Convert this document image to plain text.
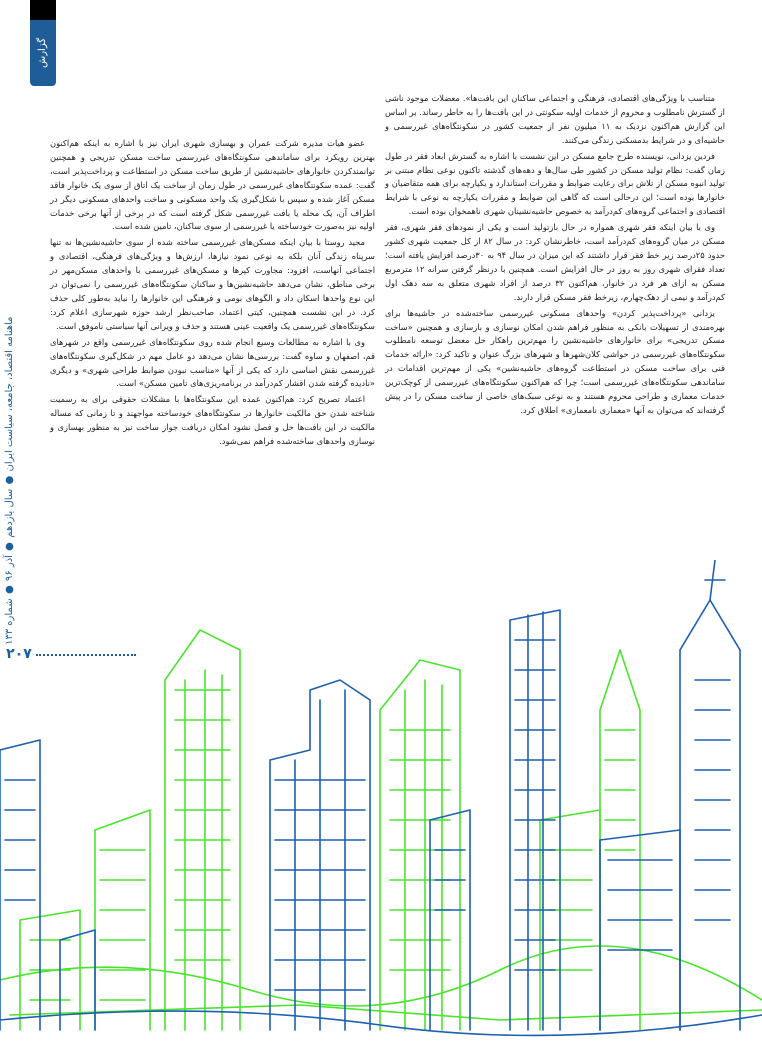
گزارش
ماهنامه اقتصاد، جامعه، سیاست ایران ● سال یازدهم ● آذر ۹۶ ● شماره ۱۳۳
۲۰۷

متناسب با ویژگی‌های اقتصادی، فرهنگی و اجتماعی ساکنان این بافت‌ها». معضلات موجود ناشی از گسترش نامطلوب و محروم از خدمات اولیه سکونتی در این بافت‌ها را به خاطر رساند. بر اساس این گزارش هم‌اکنون نزدیک به ۱۱ میلیون نفر از جمعیت کشور در سکونتگاه‌های غیررسمی و حاشیه‌ای و در شرایط بدمسکنی زندگی می‌کنند.

فردین یزدانی، نویسنده طرح جامع مسکن در این نشست با اشاره به گسترش ابعاد فقر در طول زمان گفت: نظام تولید مسکن در کشور طی سال‌ها و دهه‌های گذشته تاکنون نوعی نظام مبتنی بر تولید انبوه مسکن از تلاش برای رعایت ضوابط و مقررات استاندارد و یکپارچه برای همه متقاضیان و خانوارها بوده است؛ این درحالی است که گاهی این ضوابط و مقررات یکپارچه به نوعی با شرایط اقتصادی و اجتماعی گروه‌های کم‌درآمد به خصوص حاشیه‌نشینان شهری ناهمخوان بوده است.

وی با بیان اینکه فقر شهری همواره در حال بازتولید است و یکی از نمودهای فقر شهری، فقر مسکن در میان گروه‌های کم‌درآمد است، خاطرنشان کرد: در سال ۸۲ از کل جمعیت شهری کشور حدود ۲۵درصد زیر خط فقر قرار داشتند که این میزان در سال ۹۴ به ۳۰درصد افزایش یافته است؛ تعداد فقرای شهری روز به روز در حال افزایش است. همچنین با درنظر گرفتن سرانه ۱۲ مترمربع مسکن به ازای هر فرد در خانوار، هم‌اکنون ۳۲ درصد از افراد شهری متعلق به سه دهک اول کم‌درآمد و نیمی از دهک‌چهارم، زیرخط فقر مسکن قرار دارند.

یزدانی «پرداخت‌پذیر کردن» واحدهای مسکونی غیررسمی ساخته‌شده در حاشیه‌ها برای بهره‌مندی از تسهیلات بانکی به منظور فراهم شدن امکان نوسازی و بازسازی و همچنین «ساخت مسکن تدریجی» برای خانوارهای حاشیه‌نشین را مهم‌ترین راهکار حل معضل توسعه نامطلوب سکونتگاه‌های غیررسمی در حواشی کلان‌شهرها و شهرهای بزرگ عنوان و تاکید کرد: «ارائه خدمات فنی برای ساخت مسکن در استطاعت گروه‌های حاشیه‌نشین» یکی از مهم‌ترین اقدامات در ساماندهی سکونتگاه‌های غیررسمی است؛ چرا که هم‌اکنون سکونتگاه‌های غیررسمی از کوچک‌ترین خدمات معماری و طراحی محروم هستند و به نوعی سبک‌های خاصی از ساخت مسکن را در پیش گرفته‌اند که می‌توان به آنها «معماری نامعماری» اطلاق کرد.

عضو هیات مدیره شرکت عمران و بهسازی شهری ایران نیز با اشاره به اینکه هم‌اکنون بهترین رویکرد برای ساماندهی سکونتگاه‌های غیررسمی ساخت مسکن تدریجی و همچنین توانمندکردن خانوارهای حاشیه‌نشین از طریق ساخت مسکن در استطاعت و پرداخت‌پذیر است، گفت: عمده سکونتگاه‌های غیررسمی در طول زمان از ساخت یک اتاق از سوی یک خانوار فاقد مسکن آغاز شده و سپس با شکل‌گیری یک واحد مسکونی و ساخت واحدهای مسکونی دیگر در اطراف آن، یک محله یا بافت غیررسمی شکل گرفته است که در برخی از آنها برخی خدمات اولیه نیز به‌صورت خودساخته یا غیررسمی از سوی ساکنان، تامین شده است.

مجید روستا با بیان اینکه مسکن‌های غیررسمی ساخته شده از سوی حاشیه‌نشین‌ها نه تنها سرپناه زندگی آنان بلکه به نوعی نمود نیازها، ارزش‌ها و ویژگی‌های فرهنگی، اقتصادی و اجتماعی آنهاست، افزود: مجاورت کپرها و مسکن‌های غیررسمی با واحدهای مسکن‌مهر در برخی مناطق، نشان می‌دهد حاشیه‌نشین‌ها و ساکنان سکونتگاه‌های غیررسمی را نمی‌توان در این نوع واحدها اسکان داد و الگوهای بومی و فرهنگی این خانوارها را نباید به‌طور کلی حذف کرد. در این نشست همچنین، کیتی اعتماد، صاحب‌نظر ارشد حوزه شهرسازی اعلام کرد: سکونتگاه‌های غیررسمی یک واقعیت عینی هستند و حذف و ویرانی آنها سیاستی ناموفق است.

وی با اشاره به مطالعات وسیع انجام شده روی سکونتگاه‌های غیررسمی واقع در شهرهای قم، اصفهان و ساوه گفت: بررسی‌ها نشان می‌دهد دو عامل مهم در شکل‌گیری سکونتگاه‌های غیررسمی نقش اساسی دارد که یکی از آنها «مناسب نبودن ضوابط طراحی شهری» و دیگری «نادیده گرفته شدن اقشار کم‌درآمد در برنامه‌ریزی‌های تامین مسکن» است.

اعتماد تصریح کرد: هم‌اکنون عمده این سکونتگاه‌ها با مشکلات حقوقی برای به رسمیت شناخته شدن حق مالکیت خانوارها در سکونتگاه‌های خودساخته مواجهند و تا زمانی که مساله مالکیت در این بافت‌ها حل و فصل نشود امکان دریافت جواز ساخت نیز به منظور بهسازی و نوسازی واحدهای ساخته‌شده فراهم نمی‌شود.
